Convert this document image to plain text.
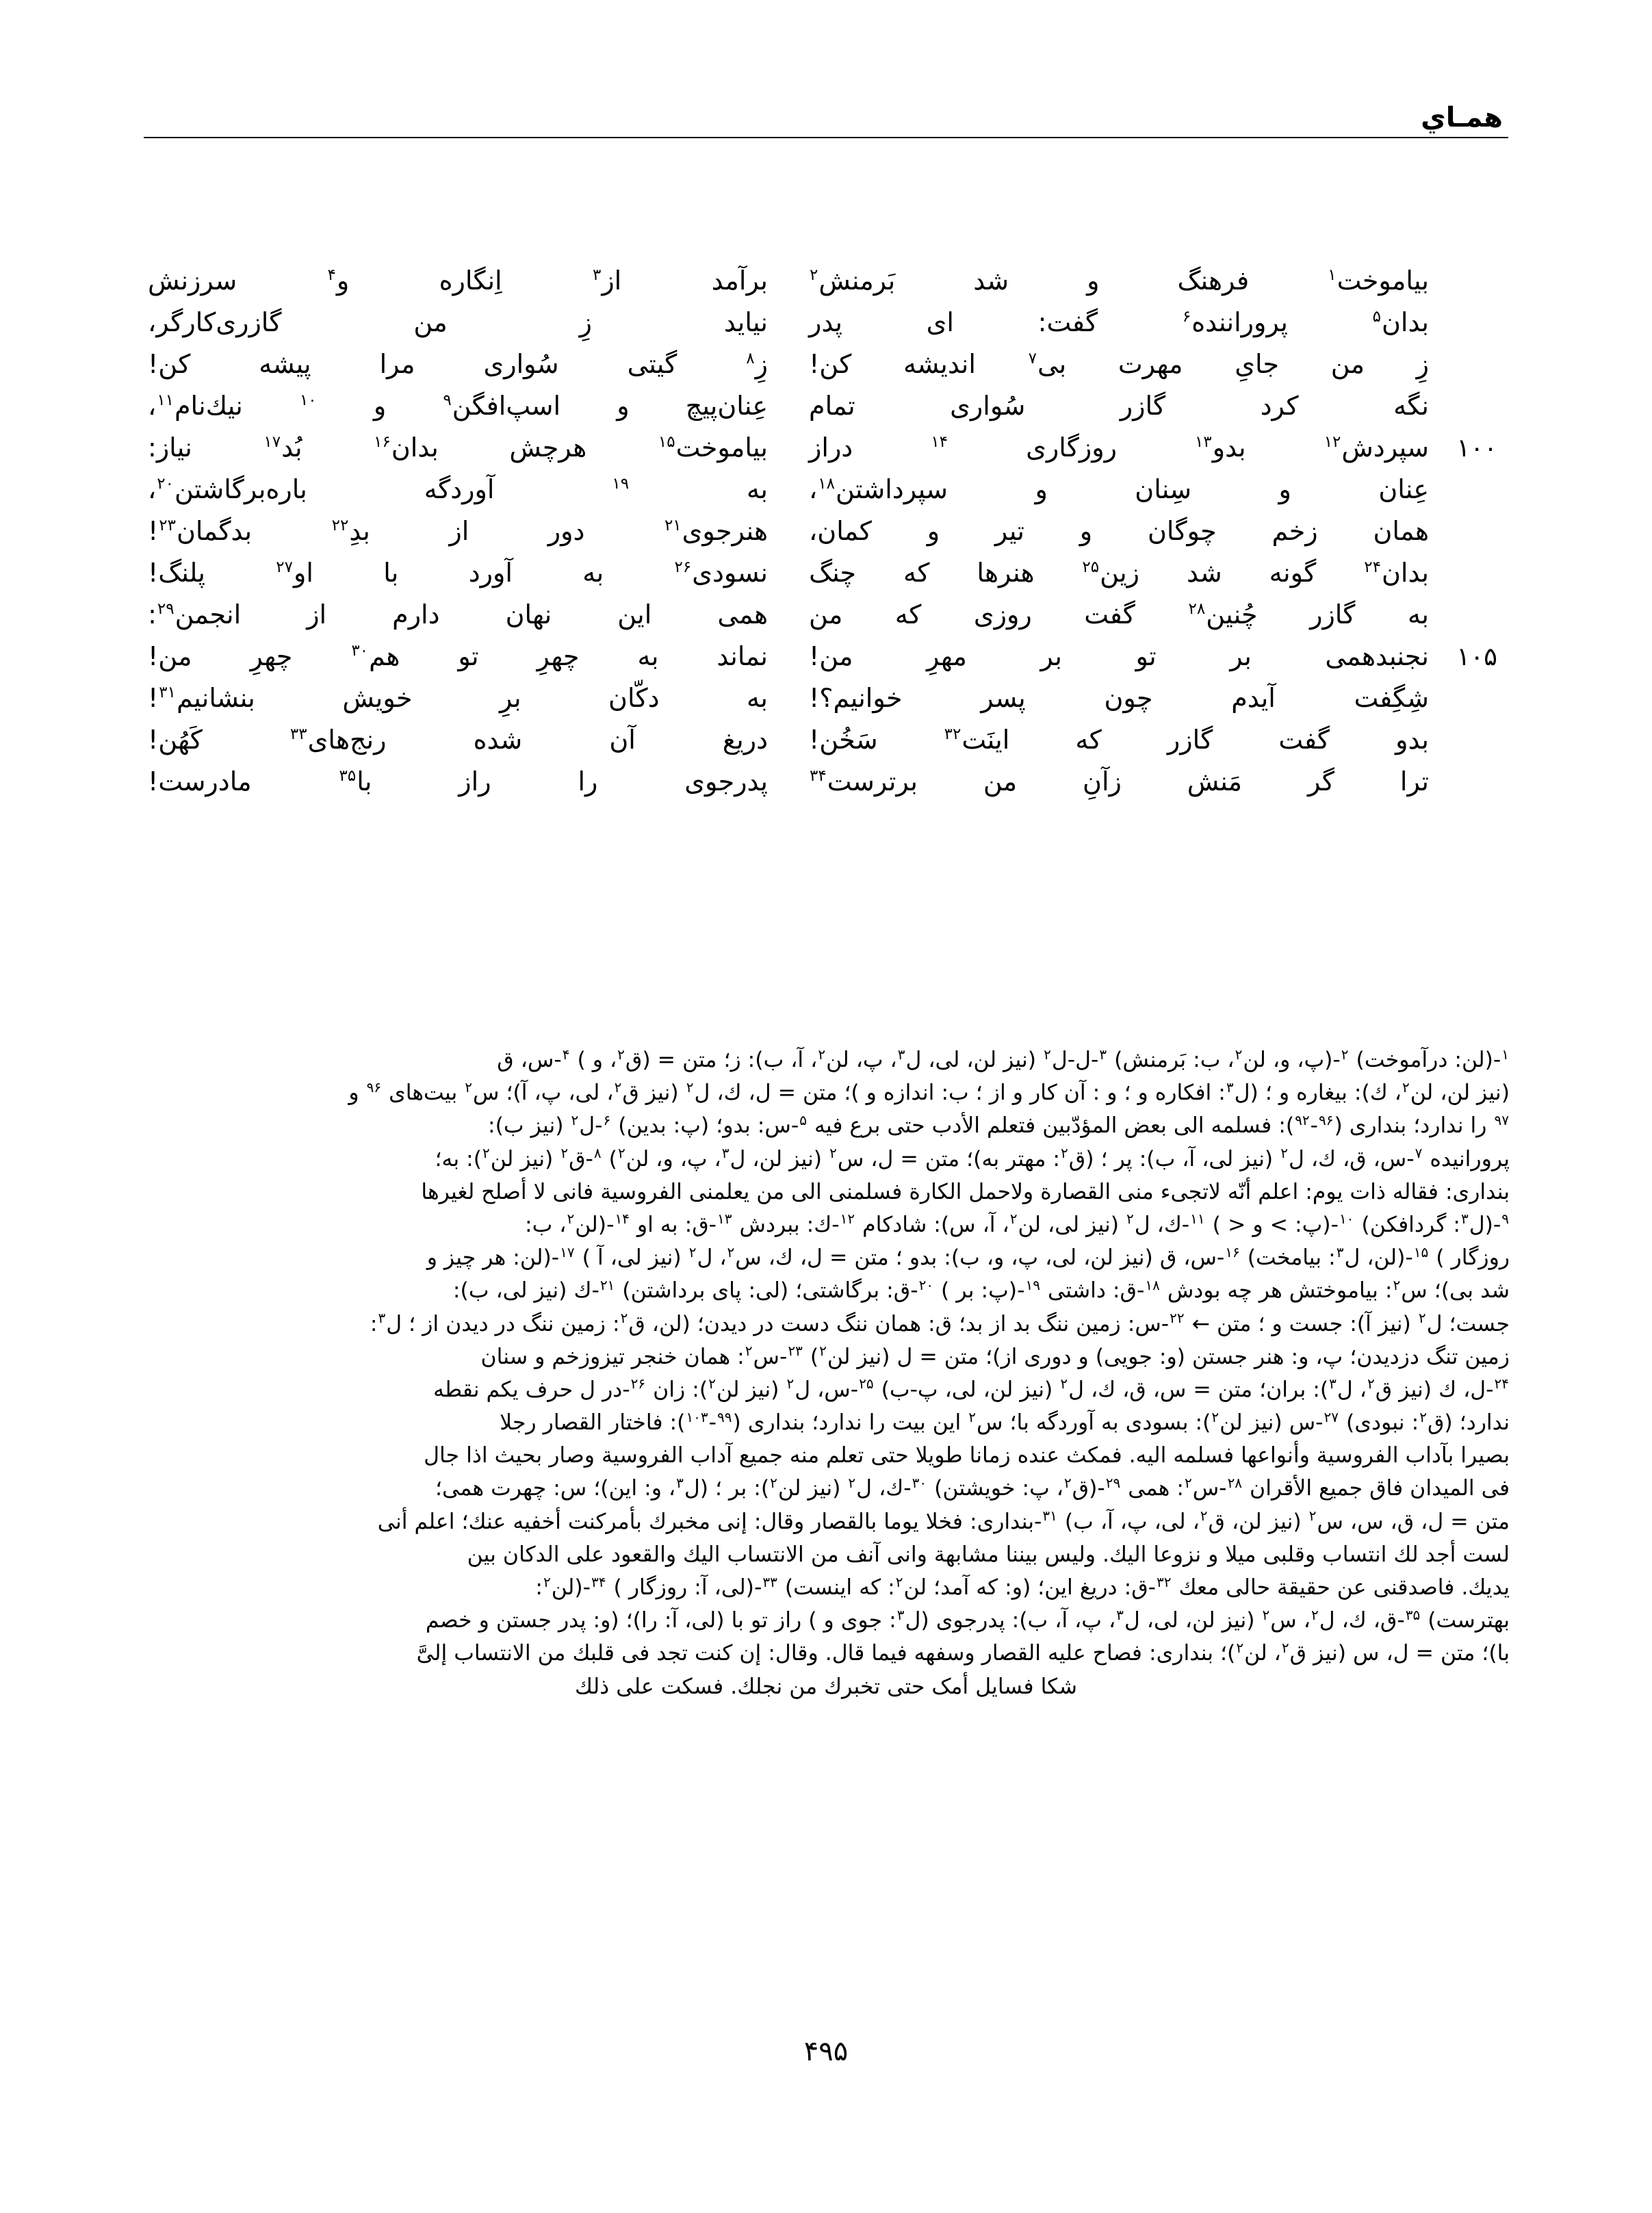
همـاي
بياموخت$^۱$
فرهنگ
و
شد
بَرمنش$^۲$
برآمد
از$^۳$
اِنگاره
و$^۴$
سرزنش
بدان$^۵$
پروراننده$^۶$
گفت:
اى
پدر
نيايد
زِ
من
گازرى‌كارگر،
زِ
من
جاىِ
مهرت
بى$^۷$
انديشه
كن!
زِ$^۸$
گيتى
سُوارى
مرا
پيشه
كن!
نگه
كرد
گازر
سُوارى
تمام
عِنان‌پيچ
و
اسپ‌افگن$^۹$
و
$^{۱۰}$
نيك‌نام$^{۱۱}$،
۱۰۰
سپردش$^{۱۲}$
بدو$^{۱۳}$
روزگارى
$^{۱۴}$
دراز
بياموخت$^{۱۵}$
هرچش
بدان$^{۱۶}$
بُد$^{۱۷}$
نياز:
عِنان
و
سِنان
و
سپرداشتن$^{۱۸}$،
به
$^{۱۹}$
آوردگه
باره‌برگاشتن$^{۲۰}$،
همان
زخم
چوگان
و
تير
و
كمان،
هنرجوى$^{۲۱}$
دور
از
بدِ$^{۲۲}$
بدگمان$^{۲۳}$!
بدان$^{۲۴}$
گونه
شد
زين$^{۲۵}$
هنرها
كه
چنگ
نسودى$^{۲۶}$
به
آورد
با
او$^{۲۷}$
پلنگ!
به
گازر
چُنين$^{۲۸}$
گفت
روزى
كه
من
همى
اين
نهان
دارم
از
انجمن$^{۲۹}$:
۱۰۵
نجنبدهمى
بر
تو
بر
مهرِ
من!
نماند
به
چهرِ
تو
هم$^{۳۰}$
چهرِ
من!
شِگِفت
آيدم
چون
پسر
خوانيم؟!
به
دكّان
برِ
خويش
بنشانيم$^{۳۱}$!
بدو
گفت
گازر
كه
اينَت$^{۳۲}$
سَخُن!
دريغ
آن
شده
رنج‌هاى$^{۳۳}$
كَهُن!
ترا
گر
مَنش
زآنِ
من
برترست$^{۳۴}$
پدرجوى
را
راز
با$^{۳۵}$
مادرست!
$^۱$-(لن: درآموخت) $^۲$-(پ، و، لن$^۲$، ب: بَرمنش) $^۳$-ل-ل$^۲$ (نيز لن، لى، ل$^۳$، پ، لن$^۲$، آ، ب): ز؛ متن = (ق$^۲$، و ) $^۴$-س، ق
(نيز لن، لن$^۲$، ك): بيغاره و ؛ (ل$^۳$: افكاره و ؛ و : آن كار و از ؛ ب: اندازه و )؛ متن = ل، ك، ل$^۲$ (نيز ق$^۲$، لى، پ، آ)؛ س$^۲$ بيت‌هاى $^{۹۶}$ و
$^{۹۷}$ را ندارد؛ بندارى ($^{۹۶}$-$^{۹۲}$): فسلمه الى بعض المؤدّبين فتعلم الأدب حتى برع فيه $^۵$-س: بدو؛ (پ: بدين) $^۶$-ل$^۲$ (نيز ب):
پرورانيده $^۷$-س، ق، ك، ل$^۲$ (نيز لى، آ، ب): پر ؛ (ق$^۲$: مهتر به)؛ متن = ل، س$^۲$ (نيز لن، ل$^۳$، پ، و، لن$^۲$) $^۸$-ق$^۲$ (نيز لن$^۲$): به؛
بندارى: فقاله ذات يوم: اعلم أنّه لاتجىء منى القصارة ولاحمل الكارة فسلمنى الى من يعلمنى الفروسية فانى لا أصلح لغيرها
$^۹$-(ل$^۳$: گردافكن) $^{۱۰}$-(پ: > و < ) $^{۱۱}$-ك، ل$^۲$ (نيز لى، لن$^۲$، آ، س): شادكام $^{۱۲}$-ك: ببردش $^{۱۳}$-ق: به او $^{۱۴}$-(لن$^۲$، ب:
روزگار ) $^{۱۵}$-(لن، ل$^۳$: بيامخت) $^{۱۶}$-س، ق (نيز لن، لى، پ، و، ب): بدو ؛ متن = ل، ك، س$^۲$، ل$^۲$ (نيز لى، آ ) $^{۱۷}$-(لن: هر چيز و
شد بى)؛ س$^۲$: بياموختش هر چه بودش $^{۱۸}$-ق: داشتى $^{۱۹}$-(پ: بر ) $^{۲۰}$-ق: برگاشتى؛ (لى: پاى برداشتن) $^{۲۱}$-ك (نيز لى، ب):
جست؛ ل$^۲$ (نيز آ): جست و ؛ متن ← $^{۲۲}$-س: زمين ننگ بد از بد؛ ق: همان ننگ دست در ديدن؛ (لن، ق$^۲$: زمين ننگ در ديدن از ؛ ل$^۳$:
زمين تنگ دزديدن؛ پ، و: هنر جستن (و: جويى) و دورى از)؛ متن = ل (نيز لن$^۲$) $^{۲۳}$-س$^۲$: همان خنجر تيزوزخم و سنان
$^{۲۴}$-ل، ك (نيز ق$^۲$، ل$^۳$): بران؛ متن = س، ق، ك، ل$^۲$ (نيز لن، لى، پ-ب) $^{۲۵}$-س، ل$^۲$ (نيز لن$^۲$): زان $^{۲۶}$-در ل حرف يكم نقطه
ندارد؛ (ق$^۲$: نبودى) $^{۲۷}$-س (نيز لن$^۲$): بسودى به آوردگه با؛ س$^۲$ اين بيت را ندارد؛ بندارى ($^{۹۹}$-$^{۱۰۳}$): فاختار القصار رجلا
بصيرا بآداب الفروسية وأنواعها فسلمه اليه. فمكث عنده زمانا طويلا حتى تعلم منه جميع آداب الفروسية وصار بحيث اذا جال
فى الميدان فاق جميع الأقران $^{۲۸}$-س$^۲$: همى $^{۲۹}$-(ق$^۲$، پ: خويشتن) $^{۳۰}$-ك، ل$^۲$ (نيز لن$^۲$): بر ؛ (ل$^۳$، و: اين)؛ س: چهرت همى؛
متن = ل، ق، س، س$^۲$ (نيز لن، ق$^۲$، لى، پ، آ، ب) $^{۳۱}$-بندارى: فخلا يوما بالقصار وقال: إنى مخبرك بأمركنت أخفيه عنك؛ اعلم أنى
لست أجد لك انتساب وقلبى ميلا و نزوعا اليك. وليس بيننا مشابهة وانى آنف من الانتساب اليك والقعود على الدكان بين
يديك. فاصدقنى عن حقيقة حالى معك $^{۳۲}$-ق: دريغ اين؛ (و: كه آمد؛ لن$^۲$: كه اينست) $^{۳۳}$-(لى، آ: روزگار ) $^{۳۴}$-(لن$^۲$:
بهترست) $^{۳۵}$-ق، ك، ل$^۲$، س$^۲$ (نيز لن، لى، ل$^۳$، پ، آ، ب): پدرجوى (ل$^۳$: جوى و ) راز تو با (لى، آ: را)؛ (و: پدر جستن و خصم
با)؛ متن = ل، س (نيز ق$^۲$، لن$^۲$)؛ بندارى: فصاح عليه القصار وسفهه فيما قال. وقال: إن كنت تجد فى قلبك من الانتساب إلىَّ
شكا فسايل أمک حتى تخبرك من نجلك. فسكت على ذلك
۴۹۵
